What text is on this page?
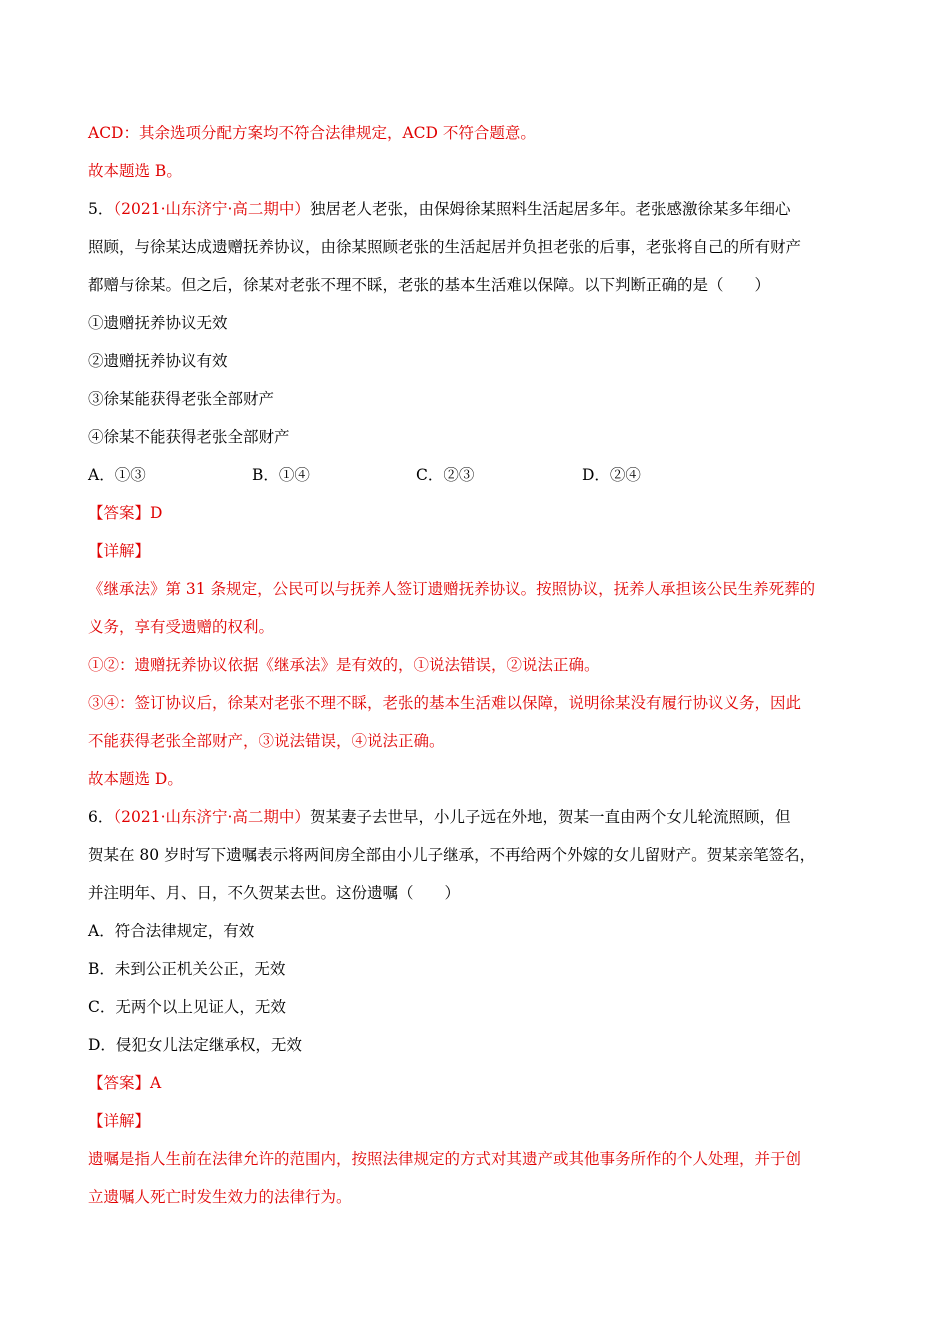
ACD：其余选项分配方案均不符合法律规定，ACD 不符合题意。
故本题选 B。
5．（2021·山东济宁·高二期中）独居老人老张，由保姆徐某照料生活起居多年。老张感激徐某多年细心
照顾，与徐某达成遗赠抚养协议，由徐某照顾老张的生活起居并负担老张的后事，老张将自己的所有财产
都赠与徐某。但之后，徐某对老张不理不睬，老张的基本生活难以保障。以下判断正确的是（　　）
①遗赠抚养协议无效
②遗赠抚养协议有效
③徐某能获得老张全部财产
④徐某不能获得老张全部财产
A．①③	B．①④	C．②③	D．②④
【答案】D
【详解】
《继承法》第 31 条规定，公民可以与抚养人签订遗赠抚养协议。按照协议，抚养人承担该公民生养死葬的
义务，享有受遗赠的权利。
①②：遗赠抚养协议依据《继承法》是有效的，①说法错误，②说法正确。
③④：签订协议后，徐某对老张不理不睬，老张的基本生活难以保障，说明徐某没有履行协议义务，因此
不能获得老张全部财产，③说法错误，④说法正确。
故本题选 D。
6．（2021·山东济宁·高二期中）贺某妻子去世早，小儿子远在外地，贺某一直由两个女儿轮流照顾，但
贺某在 80 岁时写下遗嘱表示将两间房全部由小儿子继承，不再给两个外嫁的女儿留财产。贺某亲笔签名，
并注明年、月、日，不久贺某去世。这份遗嘱（　　）
A．符合法律规定，有效
B．未到公正机关公正，无效
C．无两个以上见证人，无效
D．侵犯女儿法定继承权，无效
【答案】A
【详解】
遗嘱是指人生前在法律允许的范围内，按照法律规定的方式对其遗产或其他事务所作的个人处理，并于创
立遗嘱人死亡时发生效力的法律行为。
